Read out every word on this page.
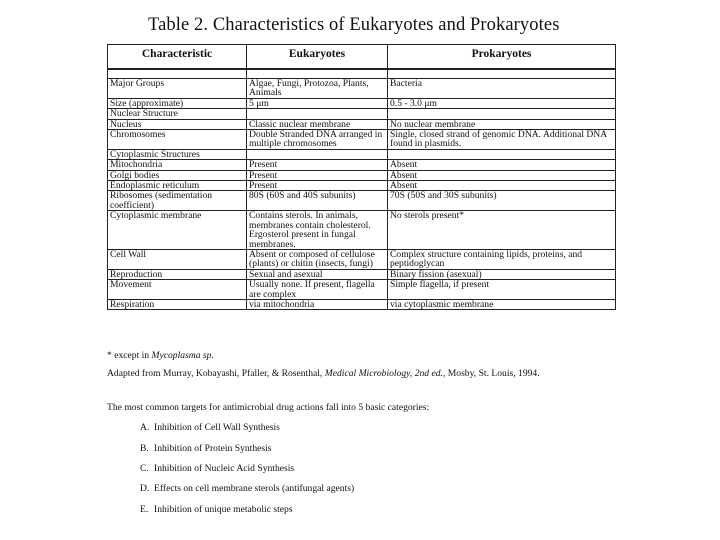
Table 2. Characteristics of Eukaryotes and Prokaryotes
Characteristic	Eukaryotes	Prokaryotes

Major Groups	Algae, Fungi, Protozoa, Plants, Animals	Bacteria
Size (approximate)	5 μm	0.5 - 3.0 μm
Nuclear Structure		
Nucleus	Classic nuclear membrane	No nuclear membrane
Chromosomes	Double Stranded DNA arranged in multiple chromosomes	Single, closed strand of genomic DNA. Additional DNA found in plasmids.
Cytoplasmic Structures		
Mitochondria	Present	Absent
Golgi bodies	Present	Absent
Endoplasmic reticulum	Present	Absent
Ribosomes (sedimentation coefficient)	80S (60S and 40S subunits)	70S (50S and 30S subunits)
Cytoplasmic membrane	Contains sterols. In animals, membranes contain cholesterol. Ergosterol present in fungal membranes.	No sterols present*
Cell Wall	Absent or composed of cellulose (plants) or chitin (insects, fungi)	Complex structure containing lipids, proteins, and peptidoglycan
Reproduction	Sexual and asexual	Binary fission (asexual)
Movement	Usually none. If present, flagella are complex	Simple flagella, if present
Respiration	via mitochondria	via cytoplasmic membrane
* except in Mycoplasma sp.
Adapted from Murray, Kobayashi, Pfaller, & Rosenthal, Medical Microbiology, 2nd ed., Mosby, St. Louis, 1994.
The most common targets for antimicrobial drug actions fall into 5 basic categories:
A. Inhibition of Cell Wall Synthesis
B. Inhibition of Protein Synthesis
C. Inhibition of Nucleic Acid Synthesis
D. Effects on cell membrane sterols (antifungal agents)
E. Inhibition of unique metabolic steps
